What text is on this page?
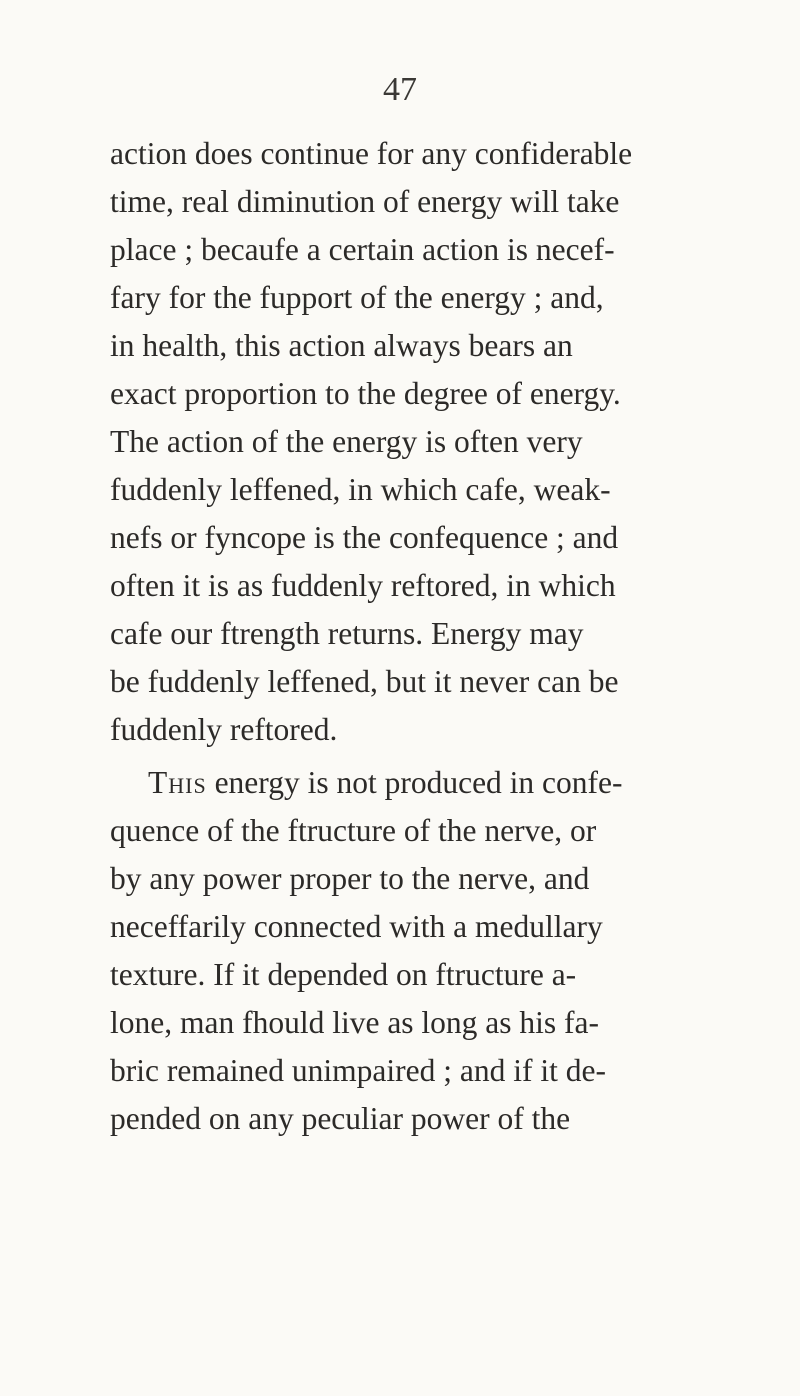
47
action does continue for any confiderable
time, real diminution of energy will take
place ; becaufe a certain action is necef-
fary for the fupport of the energy ; and,
in health, this action always bears an
exact proportion to the degree of energy.
The action of the energy is often very
fuddenly leffened, in which cafe, weak-
nefs or fyncope is the confequence ; and
often it is as fuddenly reftored, in which
cafe our ftrength returns. Energy may
be fuddenly leffened, but it never can be
fuddenly reftored.
This energy is not produced in confe-
quence of the ftructure of the nerve, or
by any power proper to the nerve, and
neceffarily connected with a medullary
texture. If it depended on ftructure a-
lone, man fhould live as long as his fa-
bric remained unimpaired ; and if it de-
pended on any peculiar power of the
